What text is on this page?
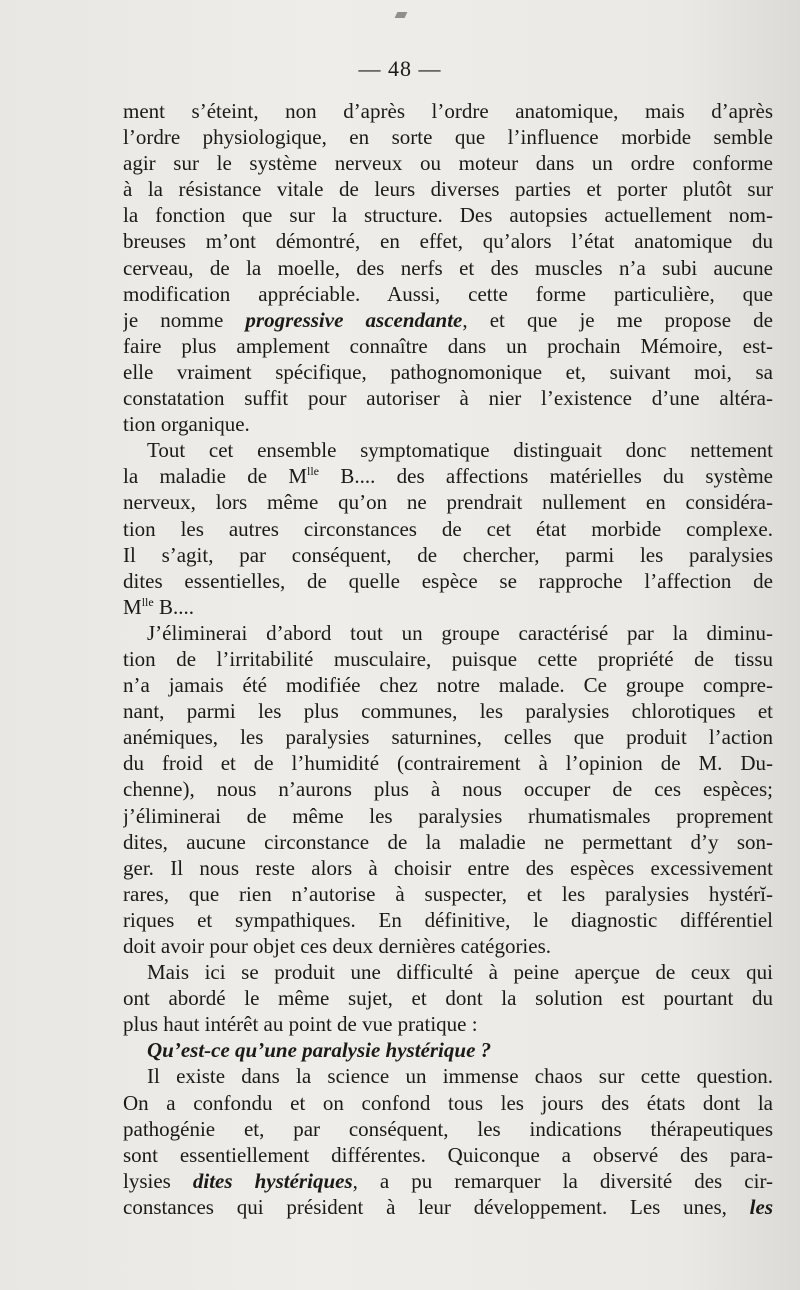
— 48 —
ment s’éteint, non d’après l’ordre anatomique, mais d’après
l’ordre physiologique, en sorte que l’influence morbide semble
agir sur le système nerveux ou moteur dans un ordre conforme
à la résistance vitale de leurs diverses parties et porter plutôt sur
la fonction que sur la structure. Des autopsies actuellement nom-
breuses m’ont démontré, en effet, qu’alors l’état anatomique du
cerveau, de la moelle, des nerfs et des muscles n’a subi aucune
modification appréciable. Aussi, cette forme particulière, que
je nomme progressive ascendante, et que je me propose de
faire plus amplement connaître dans un prochain Mémoire, est-
elle vraiment spécifique, pathognomonique et, suivant moi, sa
constatation suffit pour autoriser à nier l’existence d’une altéra-
tion organique.
Tout cet ensemble symptomatique distinguait donc nettement
la maladie de $M^{lle}$ B.... des affections matérielles du système
nerveux, lors même qu’on ne prendrait nullement en considéra-
tion les autres circonstances de cet état morbide complexe.
Il s’agit, par conséquent, de chercher, parmi les paralysies
dites essentielles, de quelle espèce se rapproche l’affection de
$M^{lle}$ B....
J’éliminerai d’abord tout un groupe caractérisé par la diminu-
tion de l’irritabilité musculaire, puisque cette propriété de tissu
n’a jamais été modifiée chez notre malade. Ce groupe compre-
nant, parmi les plus communes, les paralysies chlorotiques et
anémiques, les paralysies saturnines, celles que produit l’action
du froid et de l’humidité (contrairement à l’opinion de M. Du-
chenne), nous n’aurons plus à nous occuper de ces espèces;
j’éliminerai de même les paralysies rhumatismales proprement
dites, aucune circonstance de la maladie ne permettant d’y son-
ger. Il nous reste alors à choisir entre des espèces excessivement
rares, que rien n’autorise à suspecter, et les paralysies hystérĭ-
riques et sympathiques. En définitive, le diagnostic différentiel
doit avoir pour objet ces deux dernières catégories.
Mais ici se produit une difficulté à peine aperçue de ceux qui
ont abordé le même sujet, et dont la solution est pourtant du
plus haut intérêt au point de vue pratique :
Qu’est-ce qu’une paralysie hystérique ?
Il existe dans la science un immense chaos sur cette question.
On a confondu et on confond tous les jours des états dont la
pathogénie et, par conséquent, les indications thérapeutiques
sont essentiellement différentes. Quiconque a observé des para-
lysies dites hystériques, a pu remarquer la diversité des cir-
constances qui président à leur développement. Les unes, les
